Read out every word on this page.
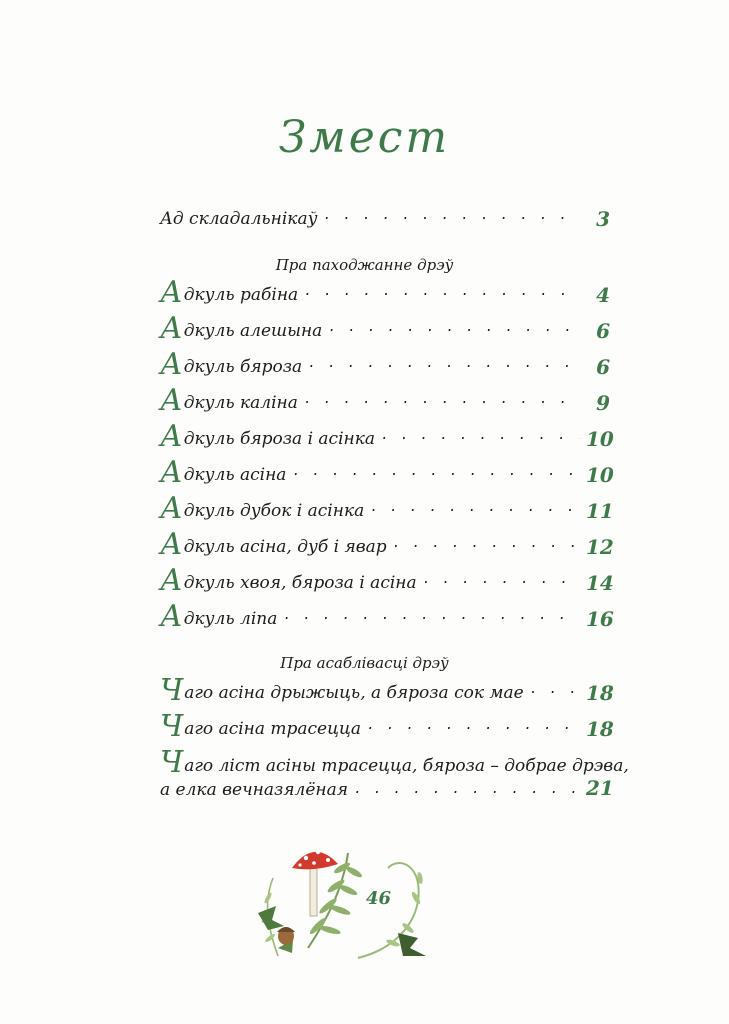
Змест
Ад складальнікаў . . .	3
Пра паходжанне дрэў
А дкуль рабіна . . .	4
А дкуль алешына . . .	6
А дкуль бяроза . . .	6
А дкуль каліна . . .	9
А дкуль бяроза і асінка . . .	10
А дкуль асіна . . .	10
А дкуль дубок і асінка . . .	11
А дкуль асіна, дуб і явар . . .	12
А дкуль хвоя, бяроза і асіна . . .	14
А дкуль ліпа . . .	16
Пра асаблівасці дрэў
Ч аго асіна дрыжыць, а бяроза сок мае . . .	18
Ч аго асіна трасецца . . .	18
Ч аго ліст асіны трасецца, бяроза – добрае дрэва,
а елка вечназялёная . . .	21
46
